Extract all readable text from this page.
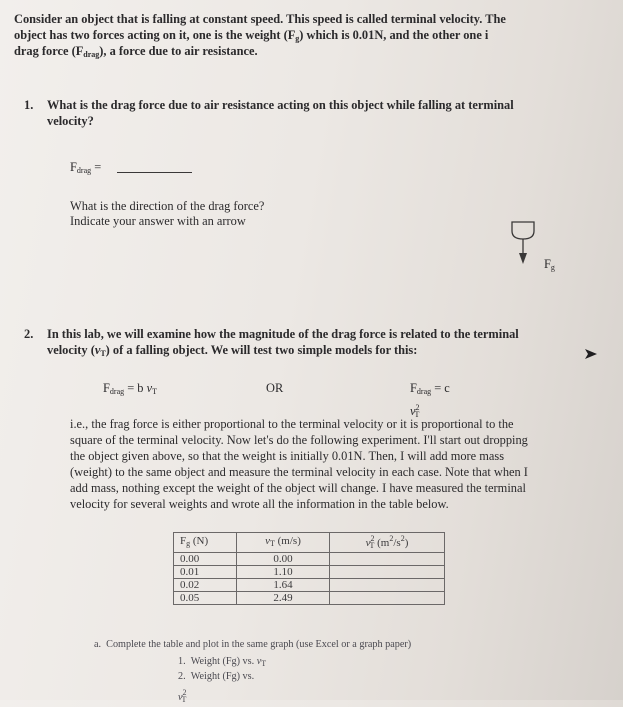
Consider an object that is falling at constant speed. This speed is called terminal velocity. The

object has two forces acting on it, one is the weight $(F_g)$ which is 0.01N, and the other one i

drag force $(F_{drag})$, a force due to air resistance.

1. What is the drag force due to air resistance acting on this object while falling at terminal

velocity?

$F_{drag}$ =

What is the direction of the drag force?

Indicate your answer with an arrow

$F_g$
2. In this lab, we will examine how the magnitude of the drag force is related to the terminal

velocity $(v_T)$ of a falling object. We will test two simple models for this:

$F_{drag} = b$ $v_T$	OR	$F_{drag} = c$ $v^2_T$

i.e., the frag force is either proportional to the terminal velocity or it is proportional to the

square of the terminal velocity. Now let's do the following experiment. I'll start out dropping

the object given above, so that the weight is initially 0.01N. Then, I will add more mass

(weight) to the same object and measure the terminal velocity in each case. Note that when I

add mass, nothing except the weight of the object will change. I have measured the terminal

velocity for several weights and wrote all the information in the table below.

$F_g$ (N)	$v_T$ (m/s)	$v^2_T$ $(m^2/s^2)$
0.00	0.00	
0.01	1.10	
0.02	1.64	
0.05	2.49	

a. Complete the table and plot in the same graph (use Excel or a graph paper)

1. Weight (Fg) vs. $v_T$

2. Weight (Fg) vs. $v^2_T$
